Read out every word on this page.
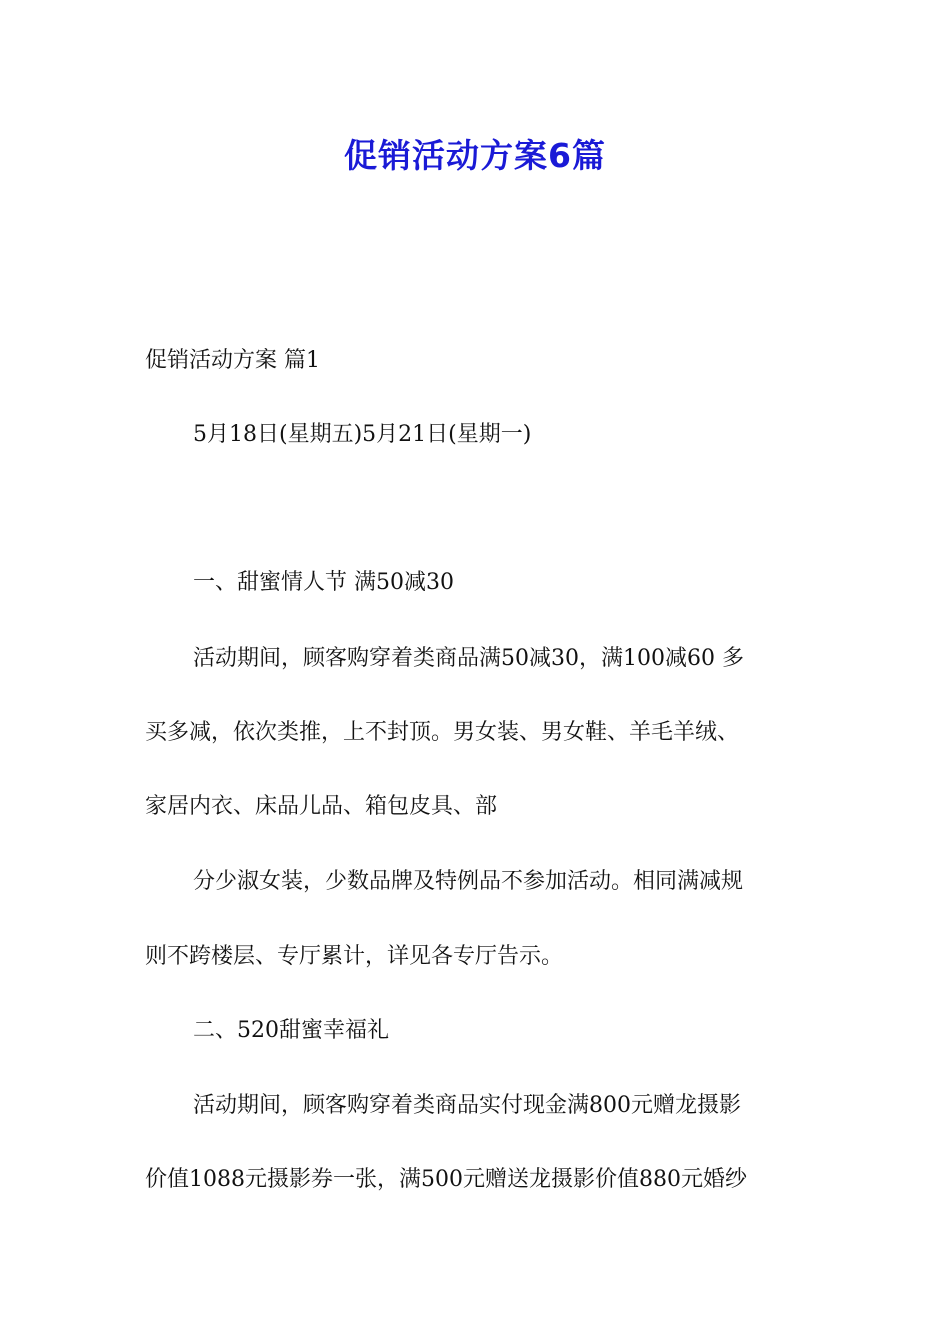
促销活动方案6篇
促销活动方案 篇1
5月18日(星期五)5月21日(星期一)
一、甜蜜情人节 满50减30
活动期间，顾客购穿着类商品满50减30，满100减60 多
买多减，依次类推，上不封顶。男女装、男女鞋、羊毛羊绒、
家居内衣、床品儿品、箱包皮具、部
分少淑女装，少数品牌及特例品不参加活动。相同满减规
则不跨楼层、专厅累计，详见各专厅告示。
二、520甜蜜幸福礼
活动期间，顾客购穿着类商品实付现金满800元赠龙摄影
价值1088元摄影券一张，满500元赠送龙摄影价值880元婚纱
